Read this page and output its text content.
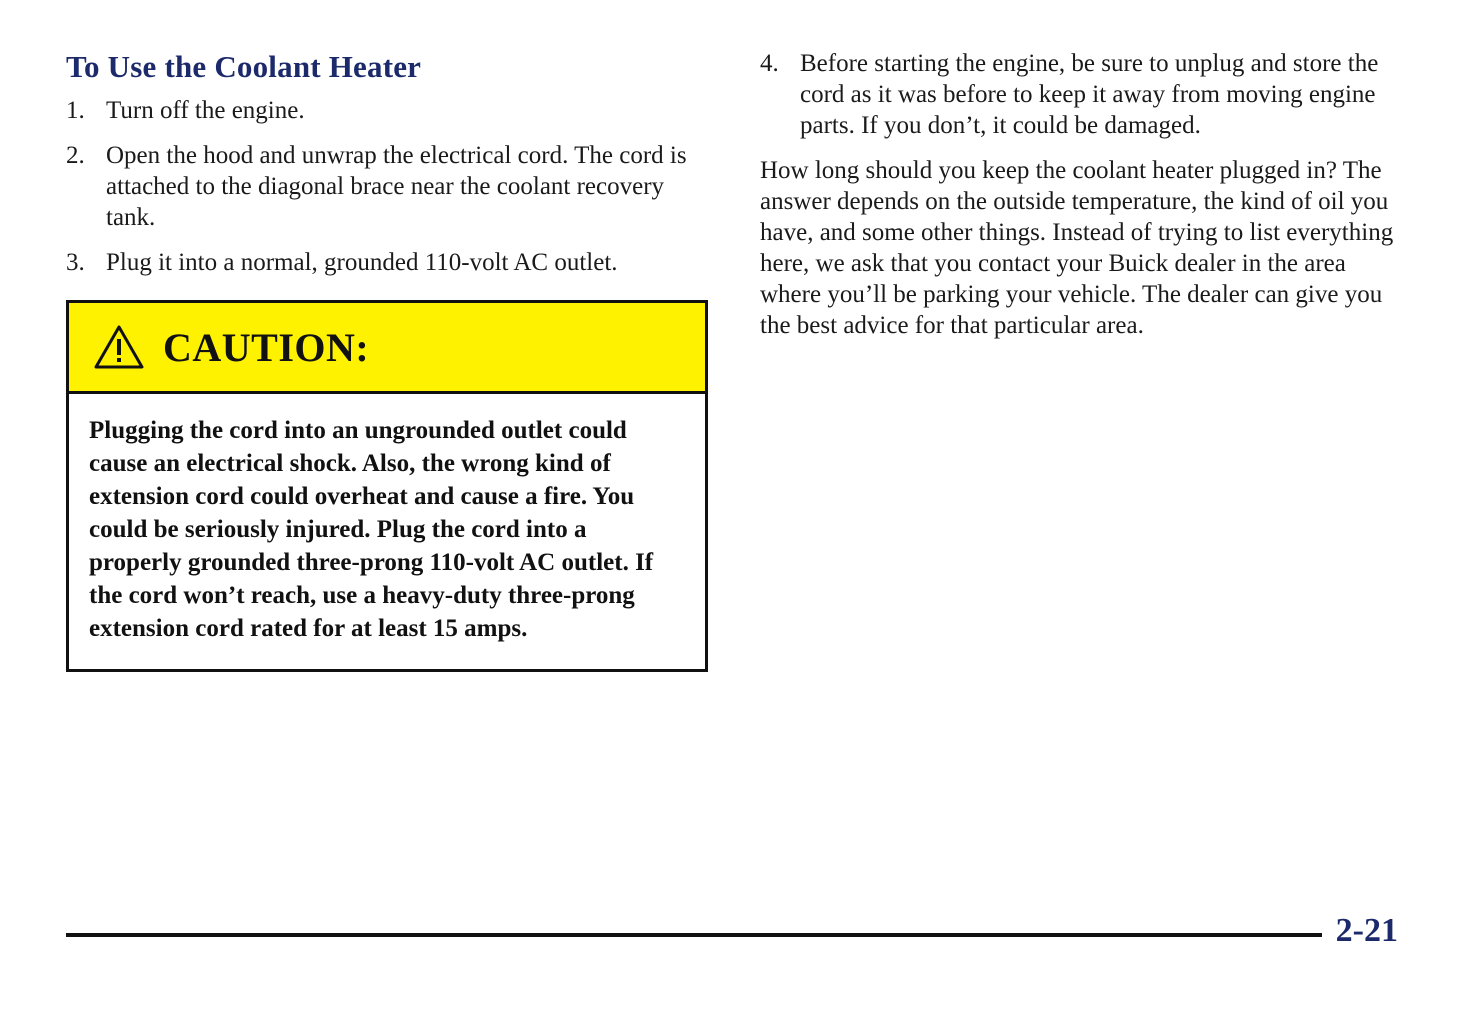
To Use the Coolant Heater
1. Turn off the engine.
2. Open the hood and unwrap the electrical cord. The cord is attached to the diagonal brace near the coolant recovery tank.
3. Plug it into a normal, grounded 110-volt AC outlet.
CAUTION:
Plugging the cord into an ungrounded outlet could cause an electrical shock. Also, the wrong kind of extension cord could overheat and cause a fire. You could be seriously injured. Plug the cord into a properly grounded three-prong 110-volt AC outlet. If the cord won’t reach, use a heavy-duty three-prong extension cord rated for at least 15 amps.
4. Before starting the engine, be sure to unplug and store the cord as it was before to keep it away from moving engine parts. If you don’t, it could be damaged.

How long should you keep the coolant heater plugged in? The answer depends on the outside temperature, the kind of oil you have, and some other things. Instead of trying to list everything here, we ask that you contact your Buick dealer in the area where you’ll be parking your vehicle. The dealer can give you the best advice for that particular area.

2-21
